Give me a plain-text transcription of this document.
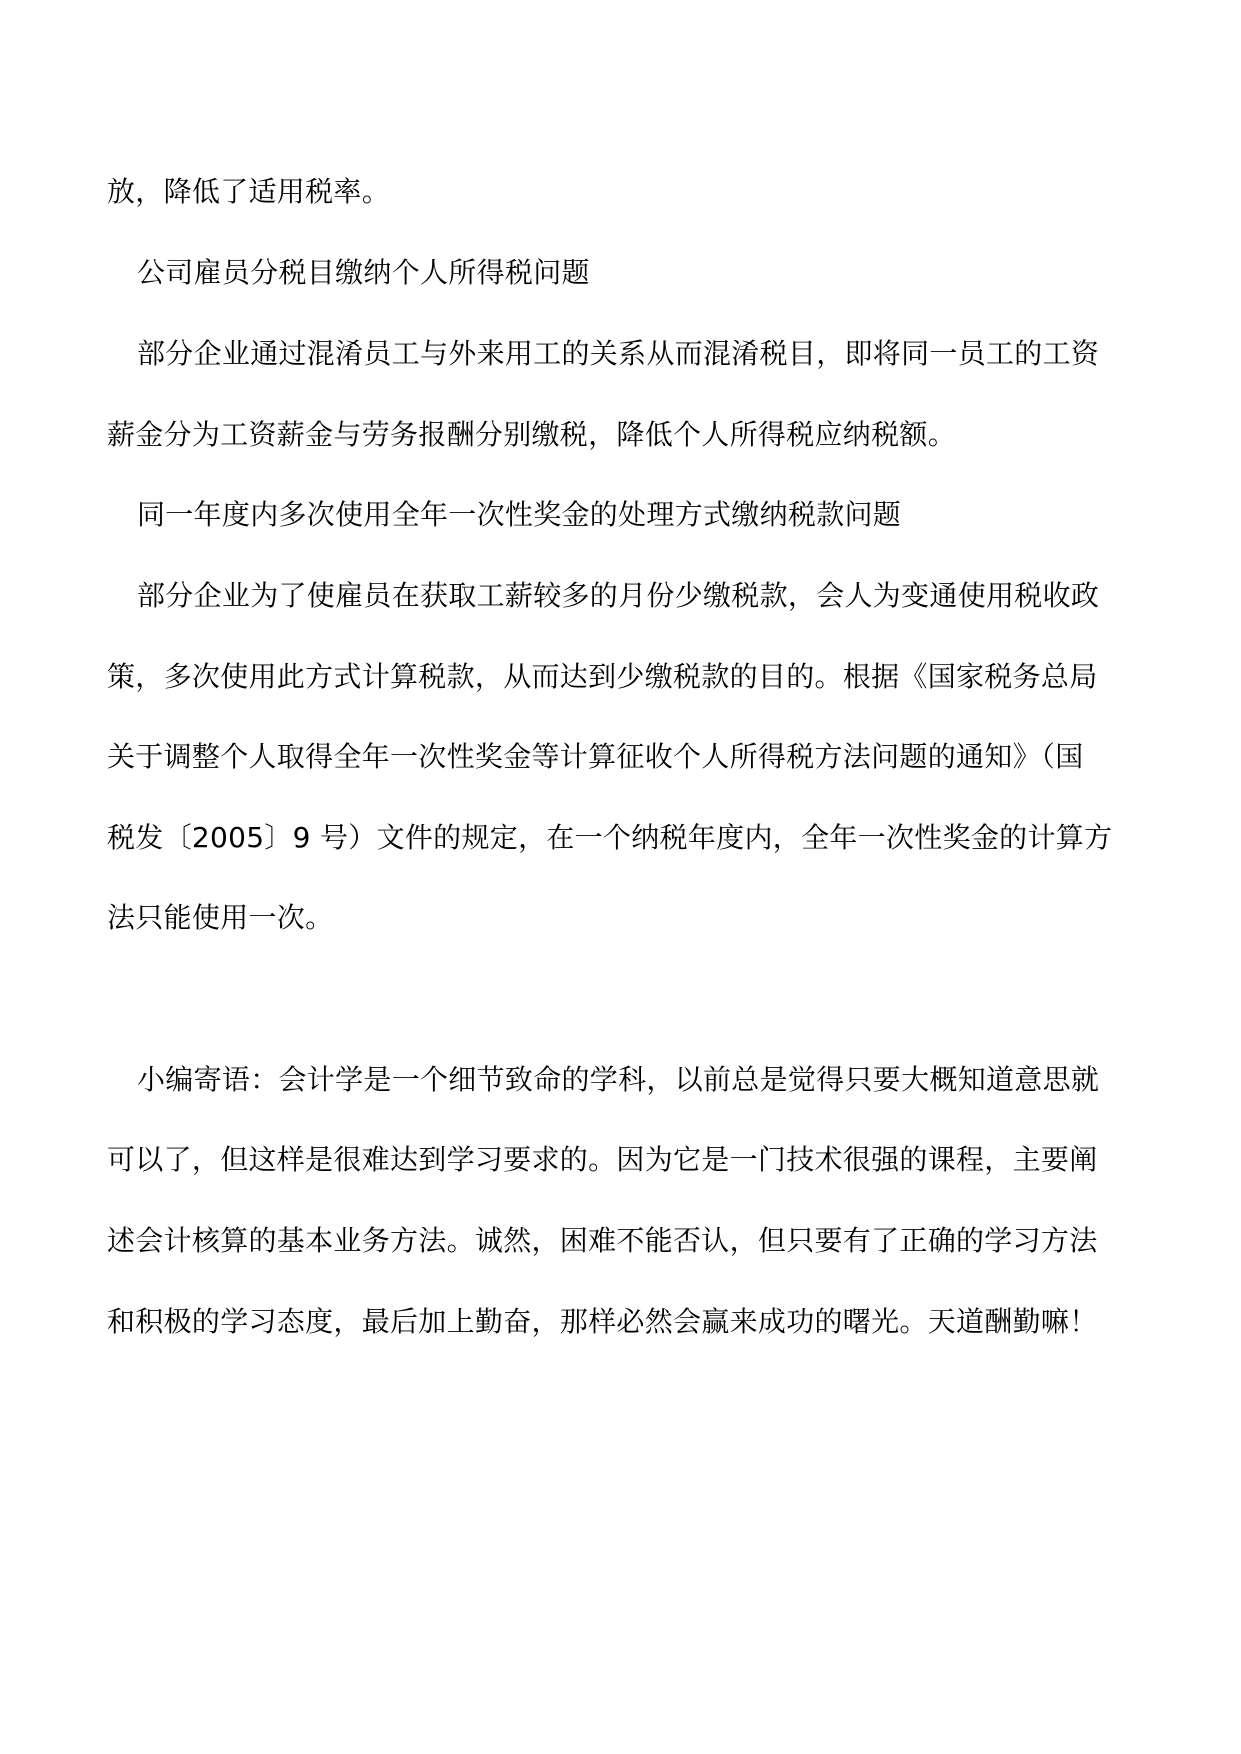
放，降低了适用税率。
公司雇员分税目缴纳个人所得税问题
部分企业通过混淆员工与外来用工的关系从而混淆税目，即将同一员工的工资
薪金分为工资薪金与劳务报酬分别缴税，降低个人所得税应纳税额。
同一年度内多次使用全年一次性奖金的处理方式缴纳税款问题
部分企业为了使雇员在获取工薪较多的月份少缴税款，会人为变通使用税收政
策，多次使用此方式计算税款，从而达到少缴税款的目的。根据《国家税务总局
关于调整个人取得全年一次性奖金等计算征收个人所得税方法问题的通知》（国
税发〔2005〕9 号）文件的规定，在一个纳税年度内，全年一次性奖金的计算方
法只能使用一次。
小编寄语：会计学是一个细节致命的学科，以前总是觉得只要大概知道意思就
可以了，但这样是很难达到学习要求的。因为它是一门技术很强的课程，主要阐
述会计核算的基本业务方法。诚然，困难不能否认，但只要有了正确的学习方法
和积极的学习态度，最后加上勤奋，那样必然会赢来成功的曙光。天道酬勤嘛！
